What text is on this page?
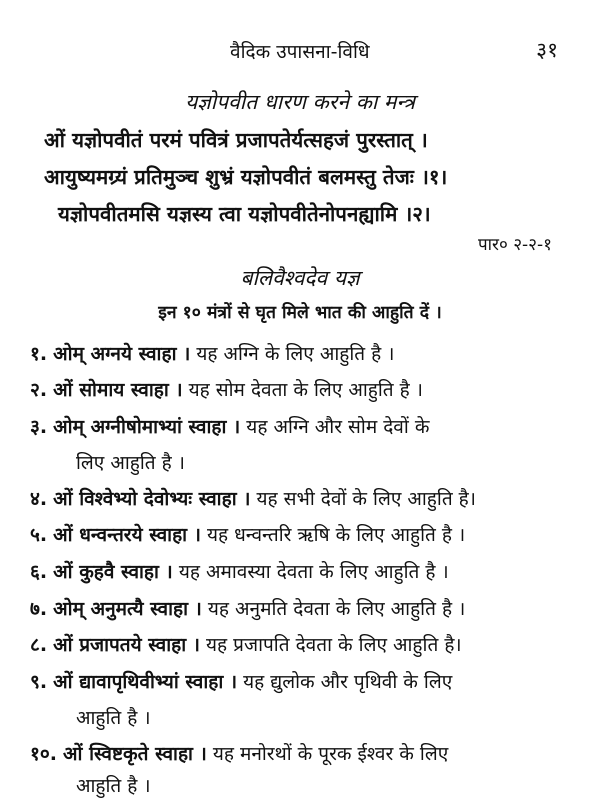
वैदिक उपासना-विधि	३१
यज्ञोपवीत धारण करने का मन्त्र
ओं यज्ञोपवीतं परमं पवित्रं प्रजापतेर्यत्सहजं पुरस्तात् ।
आयुष्यमग्र्यं प्रतिमुञ्च शुभ्रं यज्ञोपवीतं बलमस्तु तेजः ।१।
यज्ञोपवीतमसि यज्ञस्य त्वा यज्ञोपवीतेनोपनह्यामि ।२।
पार० २-२-१
बलिवैश्वदेव यज्ञ
इन १० मंत्रों से घृत मिले भात की आहुति दें ।
१. ओम् अग्नये स्वाहा । यह अग्नि के लिए आहुति है ।
२. ओं सोमाय स्वाहा । यह सोम देवता के लिए आहुति है ।
३. ओम् अग्नीषोमाभ्यां स्वाहा । यह अग्नि और सोम देवों के
लिए आहुति है ।
४. ओं विश्वेभ्यो देवोभ्यः स्वाहा । यह सभी देवों के लिए आहुति है।
५. ओं धन्वन्तरये स्वाहा । यह धन्वन्तरि ऋषि के लिए आहुति है ।
६. ओं कुहवै स्वाहा । यह अमावस्या देवता के लिए आहुति है ।
७. ओम् अनुमत्यै स्वाहा । यह अनुमति देवता के लिए आहुति है ।
८. ओं प्रजापतये स्वाहा । यह प्रजापति देवता के लिए आहुति है।
९. ओं द्यावापृथिवीभ्यां स्वाहा । यह द्युलोक और पृथिवी के लिए
आहुति है ।
१०. ओं स्विष्टकृते स्वाहा । यह मनोरथों के पूरक ईश्वर के लिए
आहुति है ।
